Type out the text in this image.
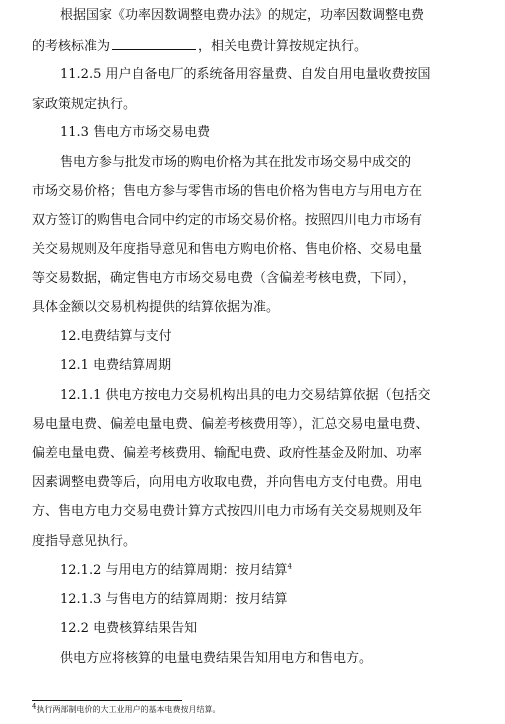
根据国家《功率因数调整电费办法》的规定，功率因数调整电费
的考核标准为	，相关电费计算按规定执行。
11.2.5 用户自备电厂的系统备用容量费、自发自用电量收费按国
家政策规定执行。
11.3 售电方市场交易电费
售电方参与批发市场的购电价格为其在批发市场交易中成交的
市场交易价格；售电方参与零售市场的售电价格为售电方与用电方在
双方签订的购售电合同中约定的市场交易价格。按照四川电力市场有
关交易规则及年度指导意见和售电方购电价格、售电价格、交易电量
等交易数据，确定售电方市场交易电费（含偏差考核电费，下同），
具体金额以交易机构提供的结算依据为准。
12.电费结算与支付
12.1 电费结算周期
12.1.1 供电方按电力交易机构出具的电力交易结算依据（包括交
易电量电费、偏差电量电费、偏差考核费用等），汇总交易电量电费、
偏差电量电费、偏差考核费用、输配电费、政府性基金及附加、功率
因素调整电费等后，向用电方收取电费，并向售电方支付电费。用电
方、售电方电力交易电费计算方式按四川电力市场有关交易规则及年
度指导意见执行。
12.1.2 与用电方的结算周期：按月结算$^4$
12.1.3 与售电方的结算周期：按月结算
12.2 电费核算结果告知
供电方应将核算的电量电费结果告知用电方和售电方。
$^4$执行两部制电价的大工业用户的基本电费按月结算。
